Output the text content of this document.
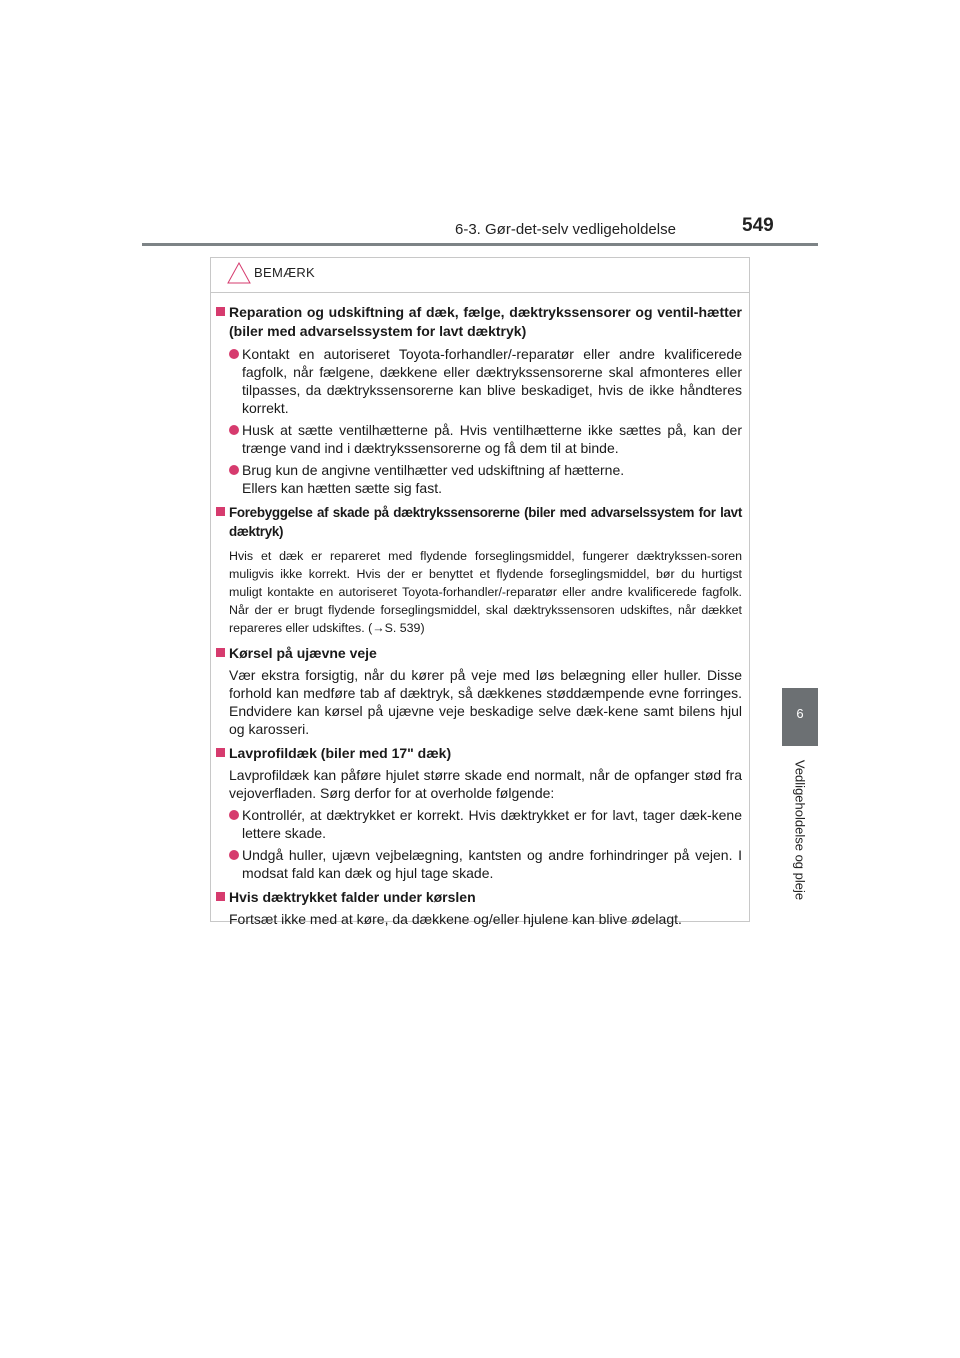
6-3. Gør-det-selv vedligeholdelse	549
6
Vedligeholdelse og pleje
BEMÆRK
Reparation og udskiftning af dæk, fælge, dæktrykssensorer og ventil-hætter (biler med advarselssystem for lavt dæktryk)
Kontakt en autoriseret Toyota-forhandler/-reparatør eller andre kvalificerede fagfolk, når fælgene, dækkene eller dæktrykssensorerne skal afmonteres eller tilpasses, da dæktrykssensorerne kan blive beskadiget, hvis de ikke håndteres korrekt.
Husk at sætte ventilhætterne på. Hvis ventilhætterne ikke sættes på, kan der trænge vand ind i dæktrykssensorerne og få dem til at binde.
Brug kun de angivne ventilhætter ved udskiftning af hætterne.
Ellers kan hætten sætte sig fast.
Forebyggelse af skade på dæktrykssensorerne (biler med advarselssystem for lavt dæktryk)
Hvis et dæk er repareret med flydende forseglingsmiddel, fungerer dæktrykssen-soren muligvis ikke korrekt. Hvis der er benyttet et flydende forseglingsmiddel, bør du hurtigst muligt kontakte en autoriseret Toyota-forhandler/-reparatør eller andre kvalificerede fagfolk. Når der er brugt flydende forseglingsmiddel, skal dæktrykssensoren udskiftes, når dækket repareres eller udskiftes. (→S. 539)
Kørsel på ujævne veje
Vær ekstra forsigtig, når du kører på veje med løs belægning eller huller. Disse forhold kan medføre tab af dæktryk, så dækkenes støddæmpende evne forringes. Endvidere kan kørsel på ujævne veje beskadige selve dæk-kene samt bilens hjul og karosseri.
Lavprofildæk (biler med 17" dæk)
Lavprofildæk kan påføre hjulet større skade end normalt, når de opfanger stød fra vejoverfladen. Sørg derfor for at overholde følgende:
Kontrollér, at dæktrykket er korrekt. Hvis dæktrykket er for lavt, tager dæk-kene lettere skade.
Undgå huller, ujævn vejbelægning, kantsten og andre forhindringer på vejen. I modsat fald kan dæk og hjul tage skade.
Hvis dæktrykket falder under kørslen
Fortsæt ikke med at køre, da dækkene og/eller hjulene kan blive ødelagt.
